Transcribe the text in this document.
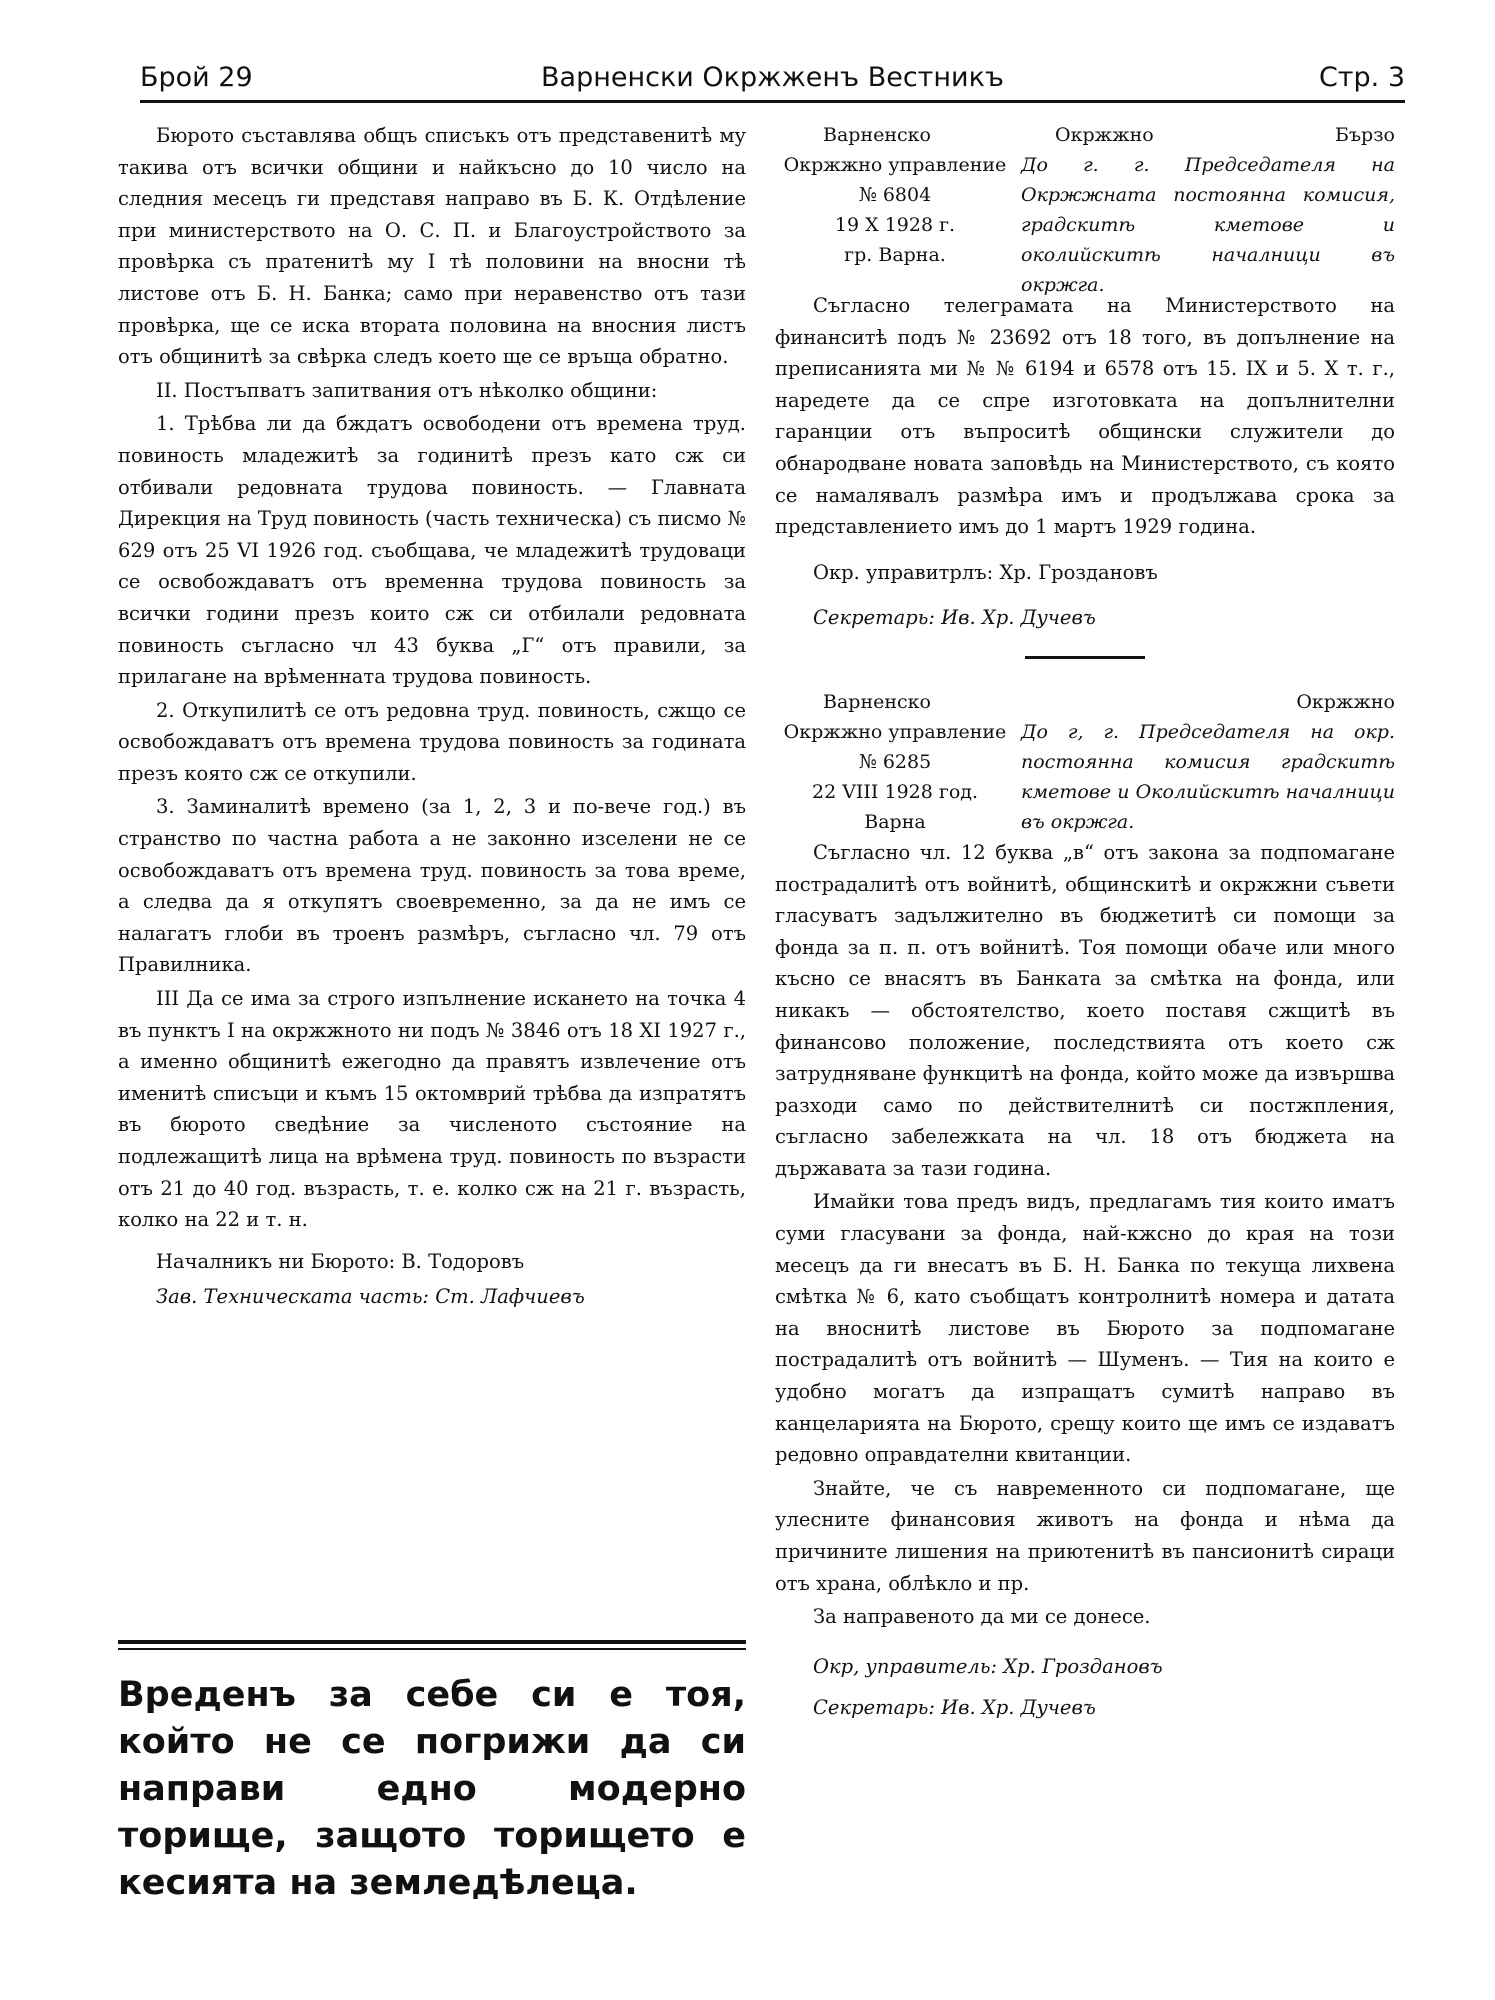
Брой 29	Варненски Окржженъ Вестникъ	Стр. 3

Бюрото съставлява общъ списъкъ отъ представенитѣ му такива отъ всички общини и найкъсно до 10 число на следния месецъ ги представя направо въ Б. К. Отдѣление при министерството на О. С. П. и Благоустройството за провѣрка съ пратенитѣ му I тѣ половини на вносни тѣ листове отъ Б. Н. Банка; само при неравенство отъ тази провѣрка, ще се иска втората половина на вносния листъ отъ общинитѣ за свѣрка следъ което ще се връща обратно.

II. Постъпватъ запитвания отъ нѣколко общини:

1. Трѣбва ли да бждатъ освободени отъ времена труд. повиность младежитѣ за годинитѣ презъ като сж си отбивали редовната трудова повиность. — Главната Дирекция на Труд повиность (часть техническа) съ писмо № 629 отъ 25 VI 1926 год. съобщава, че младежитѣ трудоваци се освобождаватъ отъ временна трудова повиность за всички години презъ които сж си отбилали редовната повиность съгласно чл 43 буква „Г“ отъ правили, за прилагане на врѣменната трудова повиность.

2. Откупилитѣ се отъ редовна труд. повиность, сжщо се освобождаватъ отъ времена трудова повиность за годината презъ която сж се откупили.

3. Заминалитѣ времено (за 1, 2, 3 и по-вече год.) въ странство по частна работа а не законно изселени не се освобождаватъ отъ времена труд. повиность за това време, а следва да я откупятъ своевременно, за да не имъ се налагатъ глоби въ троенъ размѣръ, съгласно чл. 79 отъ Правилника.

III Да се има за строго изпълнение искането на точка 4 въ пунктъ I на окржжното ни подъ № 3846 отъ 18 XI 1927 г., а именно общинитѣ ежегодно да правятъ извлечение отъ именитѣ списъци и къмъ 15 октомврий трѣбва да изпратятъ въ бюрото сведѣние за численото състояние на подлежащитѣ лица на врѣмена труд. повиность по възрасти отъ 21 до 40 год. възрасть, т. е. колко сж на 21 г. възрасть, колко на 22 и т. н.

Началникъ ни Бюрото: В. Тодоровъ

Зав. Техническата часть: Ст. Лафчиевъ

Вреденъ за себе си е тоя, който не се погрижи да си направи едно модерно торище, защото торището е кесията на земледѣлеца.
Варненско	Окржжно	Бързо
Окржжно управление
№ 6804
19 X 1928 г.
гр. Варна.
До г. г. Председателя на Окржжната постоянна комисия, градскитѣ кметове и околийскитѣ началници въ окржга.

Съгласно телеграмата на Министерството на финанситѣ подъ № 23692 отъ 18 того, въ допълнение на преписанията ми № № 6194 и 6578 отъ 15. IX и 5. X т. г., наредете да се спре изготовката на допълнителни гаранции отъ въпроситѣ общински служители до обнародване новата заповѣдь на Министерството, съ която се намалявалъ размѣра имъ и продължава срока за представлението имъ до 1 мартъ 1929 година.

Окр. управитрлъ: Хр. Грoздановъ

Секретарь: Ив. Хр. Дучевъ

Варненско	Окржжно
Окржжно управление
№ 6285
22 VIII 1928 год.
Варна
До г, г. Председателя на окр. постоянна комисия градскитѣ кметове и Околийскитѣ началници въ окржга.

Съгласно чл. 12 буква „в“ отъ закона за подпомагане пострадалитѣ отъ войнитѣ, общинскитѣ и окржжни съвети гласуватъ задължително въ бюджетитѣ си помощи за фонда за п. п. отъ войнитѣ. Тоя помощи обаче или много късно се внасятъ въ Банката за смѣтка на фонда, или никакъ — обстоятелство, което поставя сжщитѣ въ финансово положение, последствията отъ което сж затрудняване функцитѣ на фонда, който може да извършва разходи само по действителнитѣ си постжпления, съгласно забележката на чл. 18 отъ бюджета на държавата за тази година.

Имайки това предъ видъ, предлагамъ тия които иматъ суми гласувани за фонда, най-кжсно до края на този месецъ да ги внесатъ въ Б. Н. Банка по текуща лихвена смѣтка № 6, като съобщатъ контролнитѣ номера и датата на вноснитѣ листове въ Бюрото за подпомагане пострадалитѣ отъ войнитѣ — Шуменъ. — Тия на които е удобно могатъ да изпращатъ сумитѣ направо въ канцеларията на Бюрото, срещу които ще имъ се издаватъ редовно оправдателни квитанции.

Знайте, че съ навременното си подпомагане, ще улесните финансовия животъ на фонда и нѣма да причините лишения на приютенитѣ въ пансионитѣ сираци отъ храна, облѣкло и пр.

За направеното да ми се донесе.

Окр, управитель: Хр. Грoздановъ

Секретарь: Ив. Хр. Дучевъ
